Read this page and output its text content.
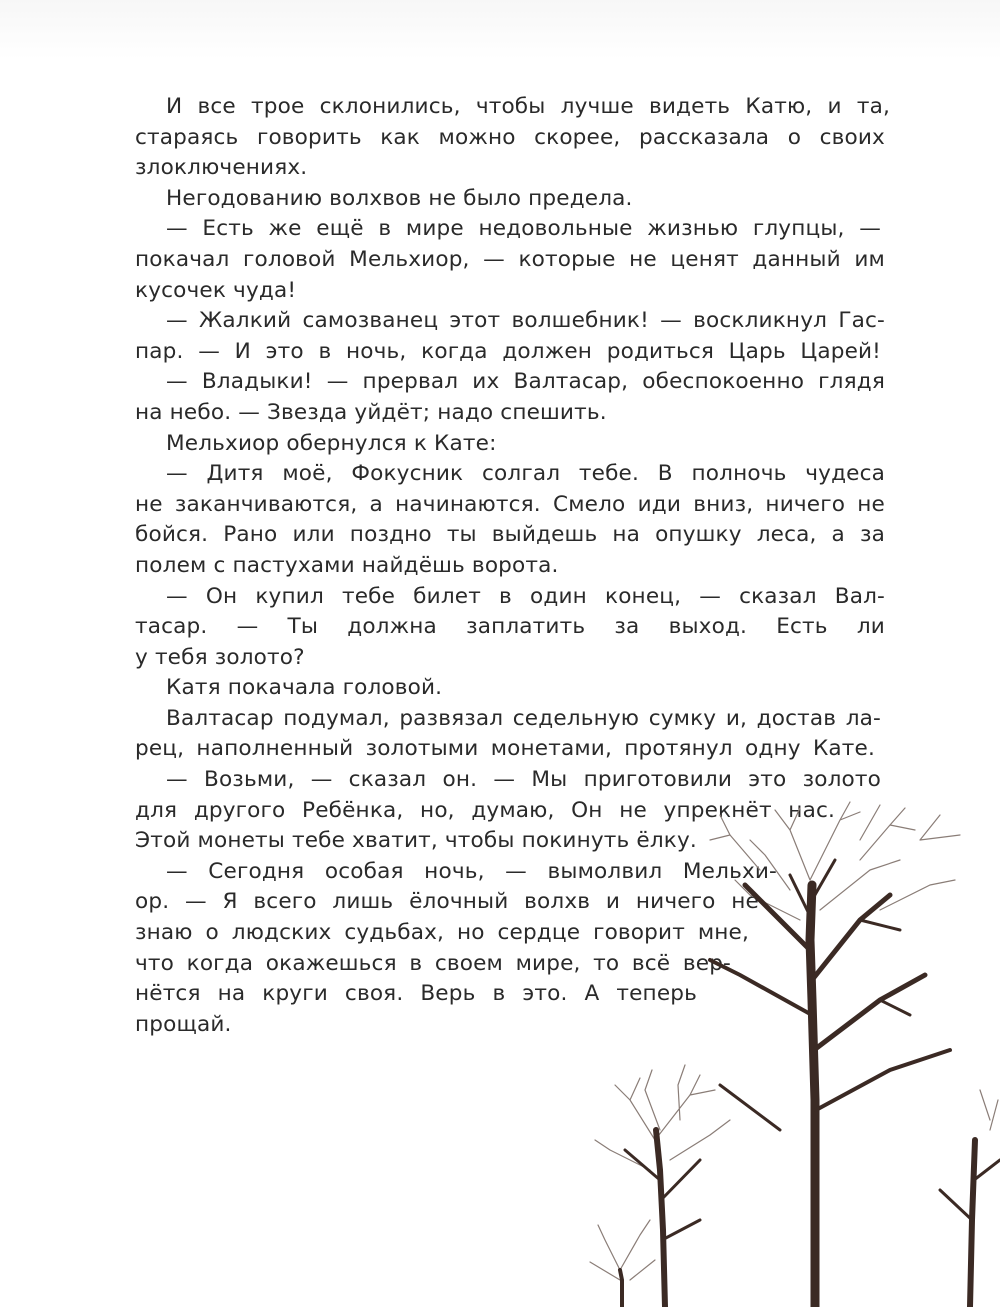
И все трое склонились, чтобы лучше видеть Катю, и та,
стараясь говорить как можно скорее, рассказала о своих
злоключениях.
Негодованию волхвов не было предела.
— Есть же ещё в мире недовольные жизнью глупцы, —
покачал головой Мельхиор, — которые не ценят данный им
кусочек чуда!
— Жалкий самозванец этот волшебник! — воскликнул Гас-
пар. — И это в ночь, когда должен родиться Царь Царей!
— Владыки! — прервал их Валтасар, обеспокоенно глядя
на небо. — Звезда уйдёт; надо спешить.
Мельхиор обернулся к Кате:
— Дитя моё, Фокусник солгал тебе. В полночь чудеса
не заканчиваются, а начинаются. Смело иди вниз, ничего не
бойся. Рано или поздно ты выйдешь на опушку леса, а за
полем с пастухами найдёшь ворота.
— Он купил тебе билет в один конец, — сказал Вал-
тасар. — Ты должна заплатить за выход. Есть ли
у тебя золото?
Катя покачала головой.
Валтасар подумал, развязал седельную сумку и, достав ла-
рец, наполненный золотыми монетами, протянул одну Кате.
— Возьми, — сказал он. — Мы приготовили это золото
для другого Ребёнка, но, думаю, Он не упрекнёт нас.
Этой монеты тебе хватит, чтобы покинуть ёлку.
— Сегодня особая ночь, — вымолвил Мельхи-
ор. — Я всего лишь ёлочный волхв и ничего не
знаю о людских судьбах, но сердце говорит мне,
что когда окажешься в своем мире, то всё вер-
нётся на круги своя. Верь в это. А теперь
прощай.
